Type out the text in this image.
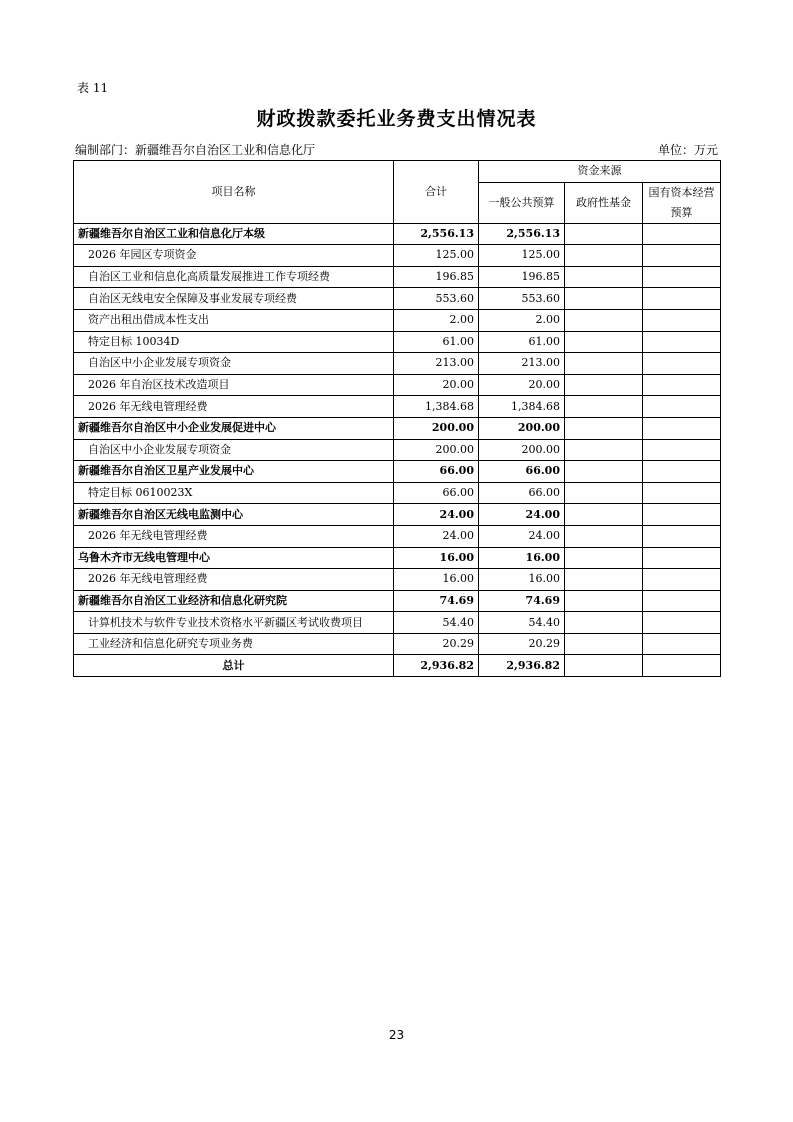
表 11
财政拨款委托业务费支出情况表
编制部门：新疆维吾尔自治区工业和信息化厅	单位：万元
项目名称	合计	资金来源		
		一般公共预算	政府性基金	国有资本经营预算
新疆维吾尔自治区工业和信息化厅本级	2,556.13	2,556.13		
2026 年园区专项资金	125.00	125.00		
自治区工业和信息化高质量发展推进工作专项经费	196.85	196.85		
自治区无线电安全保障及事业发展专项经费	553.60	553.60		
资产出租出借成本性支出	2.00	2.00		
特定目标 10034D	61.00	61.00		
自治区中小企业发展专项资金	213.00	213.00		
2026 年自治区技术改造项目	20.00	20.00		
2026 年无线电管理经费	1,384.68	1,384.68		
新疆维吾尔自治区中小企业发展促进中心	200.00	200.00		
自治区中小企业发展专项资金	200.00	200.00		
新疆维吾尔自治区卫星产业发展中心	66.00	66.00		
特定目标 0610023X	66.00	66.00		
新疆维吾尔自治区无线电监测中心	24.00	24.00		
2026 年无线电管理经费	24.00	24.00		
乌鲁木齐市无线电管理中心	16.00	16.00		
2026 年无线电管理经费	16.00	16.00		
新疆维吾尔自治区工业经济和信息化研究院	74.69	74.69		
计算机技术与软件专业技术资格水平新疆区考试收费项目	54.40	54.40		
工业经济和信息化研究专项业务费	20.29	20.29		
总计	2,936.82	2,936.82		
23
